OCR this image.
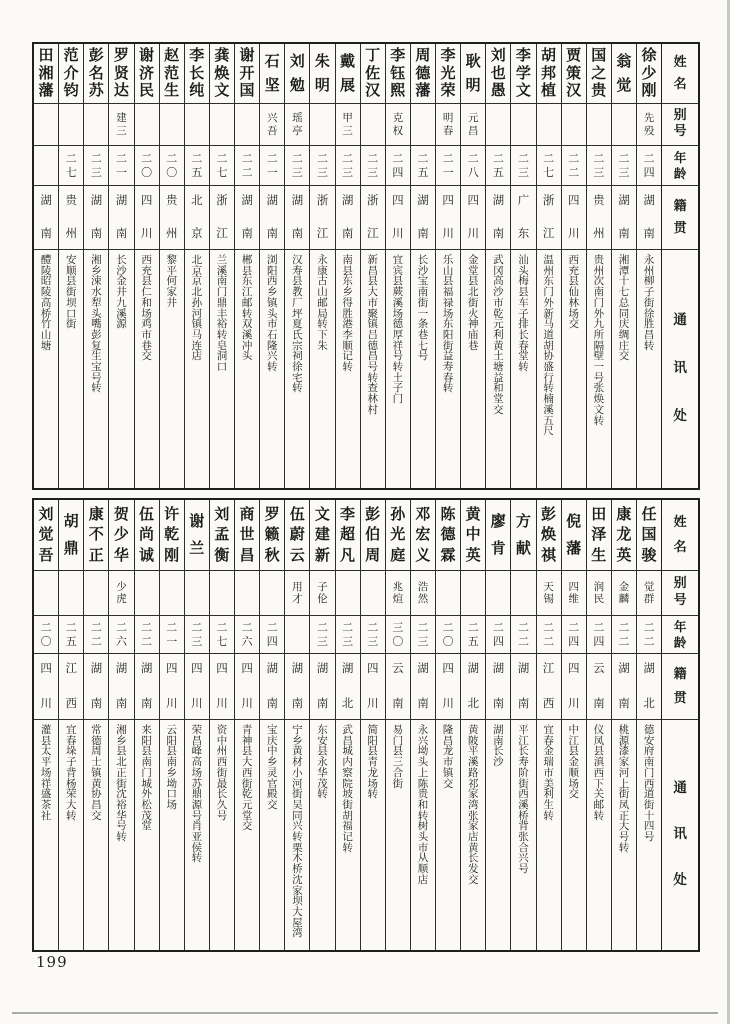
田
湘
藩
湖
南
醴
陵
昭
陵
高
桥
竹
山
塘
范
介
钧
二
七
贵
州
安
顺
县
街
坝
口
街
彭
名
苏
二
三
湖
南
湘
乡
涑
水
犁
头
嘴
彭
复
生
宝
号
转
罗
贤
达
建
三
二
一
湖
南
长
沙
金
井
九
溪
源
谢
济
民
二
〇
四
川
西
充
县
仁
和
场
鸡
市
巷
交
赵
范
生
二
〇
贵
州
黎
平
何
家
井
李
长
纯
二
五
北
京
北
京
京
北
孙
河
镇
马
连
店
龚
焕
文
二
七
浙
江
兰
溪
南
门
鼎
丰
裕
转
皂
洞
口
谢
开
国
二
二
湖
南
郴
县
东
江
邮
转
双
溪
冲
头
石
坚
兴
吾
二
一
湖
南
浏
阳
西
乡
镇
头
市
石
隆
兴
转
刘
勉
瑶
亭
二
三
湖
南
汉
寿
县
教
厂
坪
夏
氏
宗
祠
徐
宅
转
朱
明
二
三
浙
江
永
康
古
山
邮
局
转
下
朱
戴
展
甲
三
二
三
湖
南
南
县
东
乡
得
胜
港
李
顺
记
转
丁
佐
汉
二
三
浙
江
新
昌
县
大
市
聚
镇
吕
德
昌
号
转
查
林
村
李
钰
熙
克
权
二
四
四
川
宜
宾
县
蕨
溪
场
德
厚
祥
号
转
土
子
门
周
德
藩
二
五
湖
南
长
沙
宝
南
街
一
条
巷
七
号
李
光
荣
明
春
二
一
四
川
乐
山
县
福
禄
场
东
阳
街
益
寿
春
转
耿
明
元
昌
二
八
四
川
金
堂
县
北
街
火
神
庙
巷
刘
也
愚
二
五
湖
南
武
冈
高
沙
市
乾
元
利
黄
土
塘
益
和
堂
交
李
学
文
二
三
广
东
汕
头
梅
县
车
子
排
长
春
堂
转
胡
邦
植
二
七
浙
江
温
州
东
门
外
新
马
道
胡
协
盛
行
转
楠
溪
五
尺
贾
策
汉
二
二
四
川
西
充
县
仙
林
场
交
国
之
贵
二
三
贵
州
贵
州
次
南
门
外
九
所
隔
壁
一
号
张
焕
文
转
翁
觉
二
三
湖
南
湘
潭
十
七
总
同
庆
绸
庄
交
徐
少
刚
先
殁
二
四
湖
南
永
州
柳
子
街
徐
胜
昌
转
姓
名
别
号
年
龄
籍
贯
通
讯
处
刘
觉
吾
二
〇
四
川
灌
县
太
平
场
祥
盛
茶
社
胡
鼎
二
五
江
西
宜
春
垛
子
背
杨
荣
大
转
康
不
正
二
二
湖
南
常
德
周
士
镇
黄
协
昌
交
贺
少
华
少
虎
二
六
湖
南
湘
乡
县
北
正
街
沈
裕
华
号
转
伍
尚
诚
二
二
湖
南
来
阳
县
南
门
城
外
松
茂
堂
许
乾
刚
二
一
四
川
云
阳
县
南
乡
坳
口
场
谢
兰
二
三
四
川
荣
昌
峰
高
场
苏
鼎
源
号
肖
亚
侯
转
刘
孟
衡
二
七
四
川
资
中
州
西
街
最
长
久
号
商
世
昌
二
六
四
川
青
神
县
大
西
街
乾
元
堂
交
罗
籁
秋
二
四
湖
南
宝
庆
中
乡
灵
官
殿
交
伍
蔚
云
用
才
湖
南
宁
乡
黄
材
小
河
街
吴
同
兴
转
栗
木
桥
沈
家
坝
大
屋
湾
文
建
新
子
伦
二
三
湖
南
东
安
县
永
华
茂
转
李
超
凡
二
三
湖
北
武
昌
城
内
察
院
坡
街
胡
福
记
转
彭
伯
周
二
三
四
川
简
阳
县
青
龙
场
转
孙
光
庭
兆
煊
三
〇
云
南
易
门
县
三
合
街
邓
宏
义
浩
然
二
三
湖
南
永
兴
坳
头
上
陈
贵
和
转
树
头
市
从
顺
店
陈
德
霖
二
〇
四
川
隆
昌
龙
市
镇
交
黄
中
英
二
五
湖
北
黄
陂
平
溪
路
祁
家
湾
张
家
店
黄
长
发
交
廖
肯
二
四
湖
南
湖
南
长
沙
方
献
二
二
湖
南
平
江
长
寿
阶
街
西
溪
桥
背
张
合
兴
号
彭
焕
祺
天
锡
二
二
江
西
宜
春
金
瑞
市
美
利
生
转
倪
藩
四
维
二
四
四
川
中
江
县
金
顺
场
交
田
泽
生
润
民
二
四
云
南
仪
凤
县
滇
西
下
关
邮
转
康
龙
英
金
麟
二
二
湖
南
桃
源
漆
家
河
上
街
凤
正
大
号
转
任
国
骏
觉
群
二
二
湖
北
德
安
府
南
门
西
道
街
十
四
号
姓
名
别
号
年
龄
籍
贯
通
讯
处
199
